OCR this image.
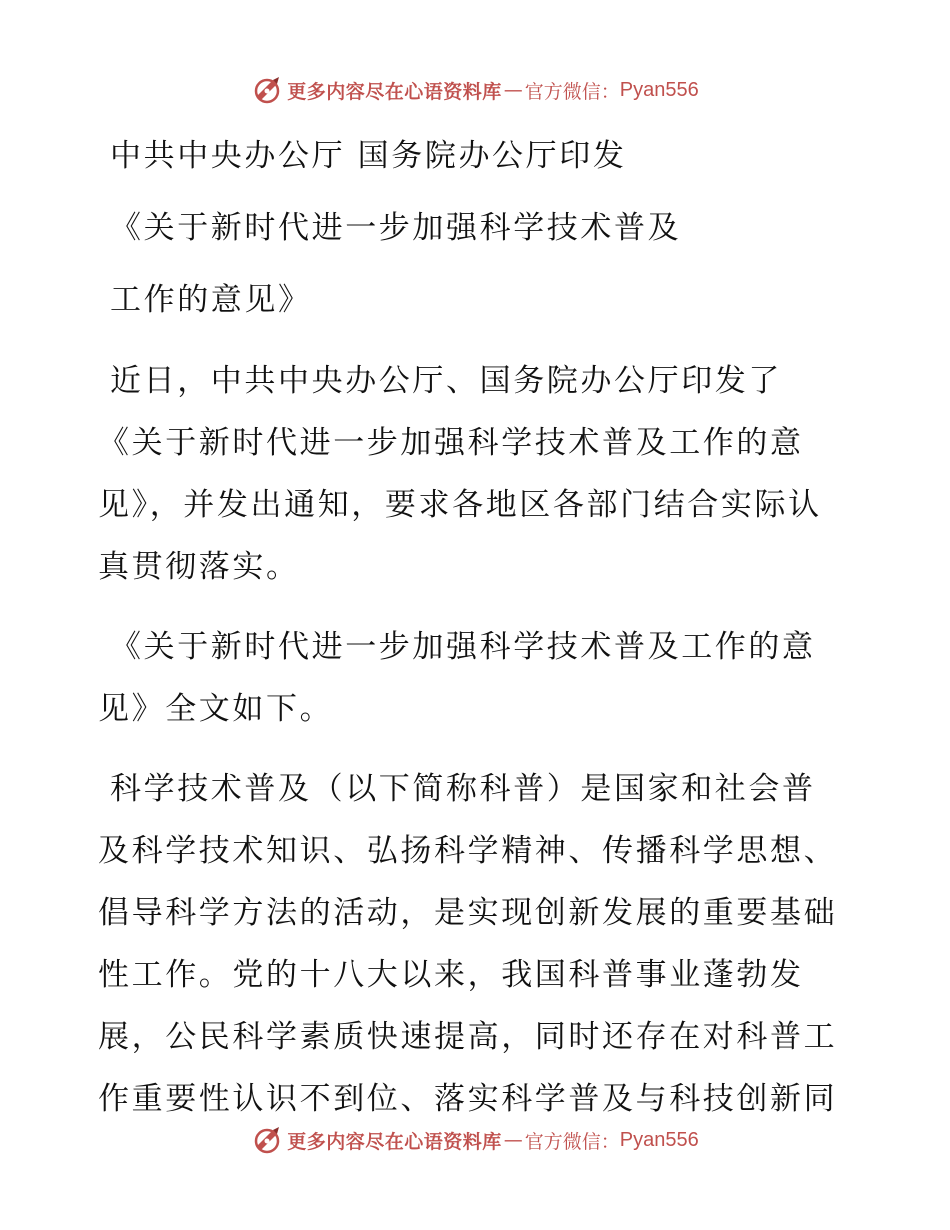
更多内容尽在心语资料库 — 官方微信： Pyan556
中共中央办公厅 国务院办公厅印发
《关于新时代进一步加强科学技术普及
工作的意见》
近日，中共中央办公厅、国务院办公厅印发了
《关于新时代进一步加强科学技术普及工作的意
见》，并发出通知，要求各地区各部门结合实际认
真贯彻落实。
《关于新时代进一步加强科学技术普及工作的意
见》全文如下。
科学技术普及（以下简称科普）是国家和社会普
及科学技术知识、弘扬科学精神、传播科学思想、
倡导科学方法的活动，是实现创新发展的重要基础
性工作。党的十八大以来，我国科普事业蓬勃发
展，公民科学素质快速提高，同时还存在对科普工
作重要性认识不到位、落实科学普及与科技创新同
更多内容尽在心语资料库 — 官方微信： Pyan556
